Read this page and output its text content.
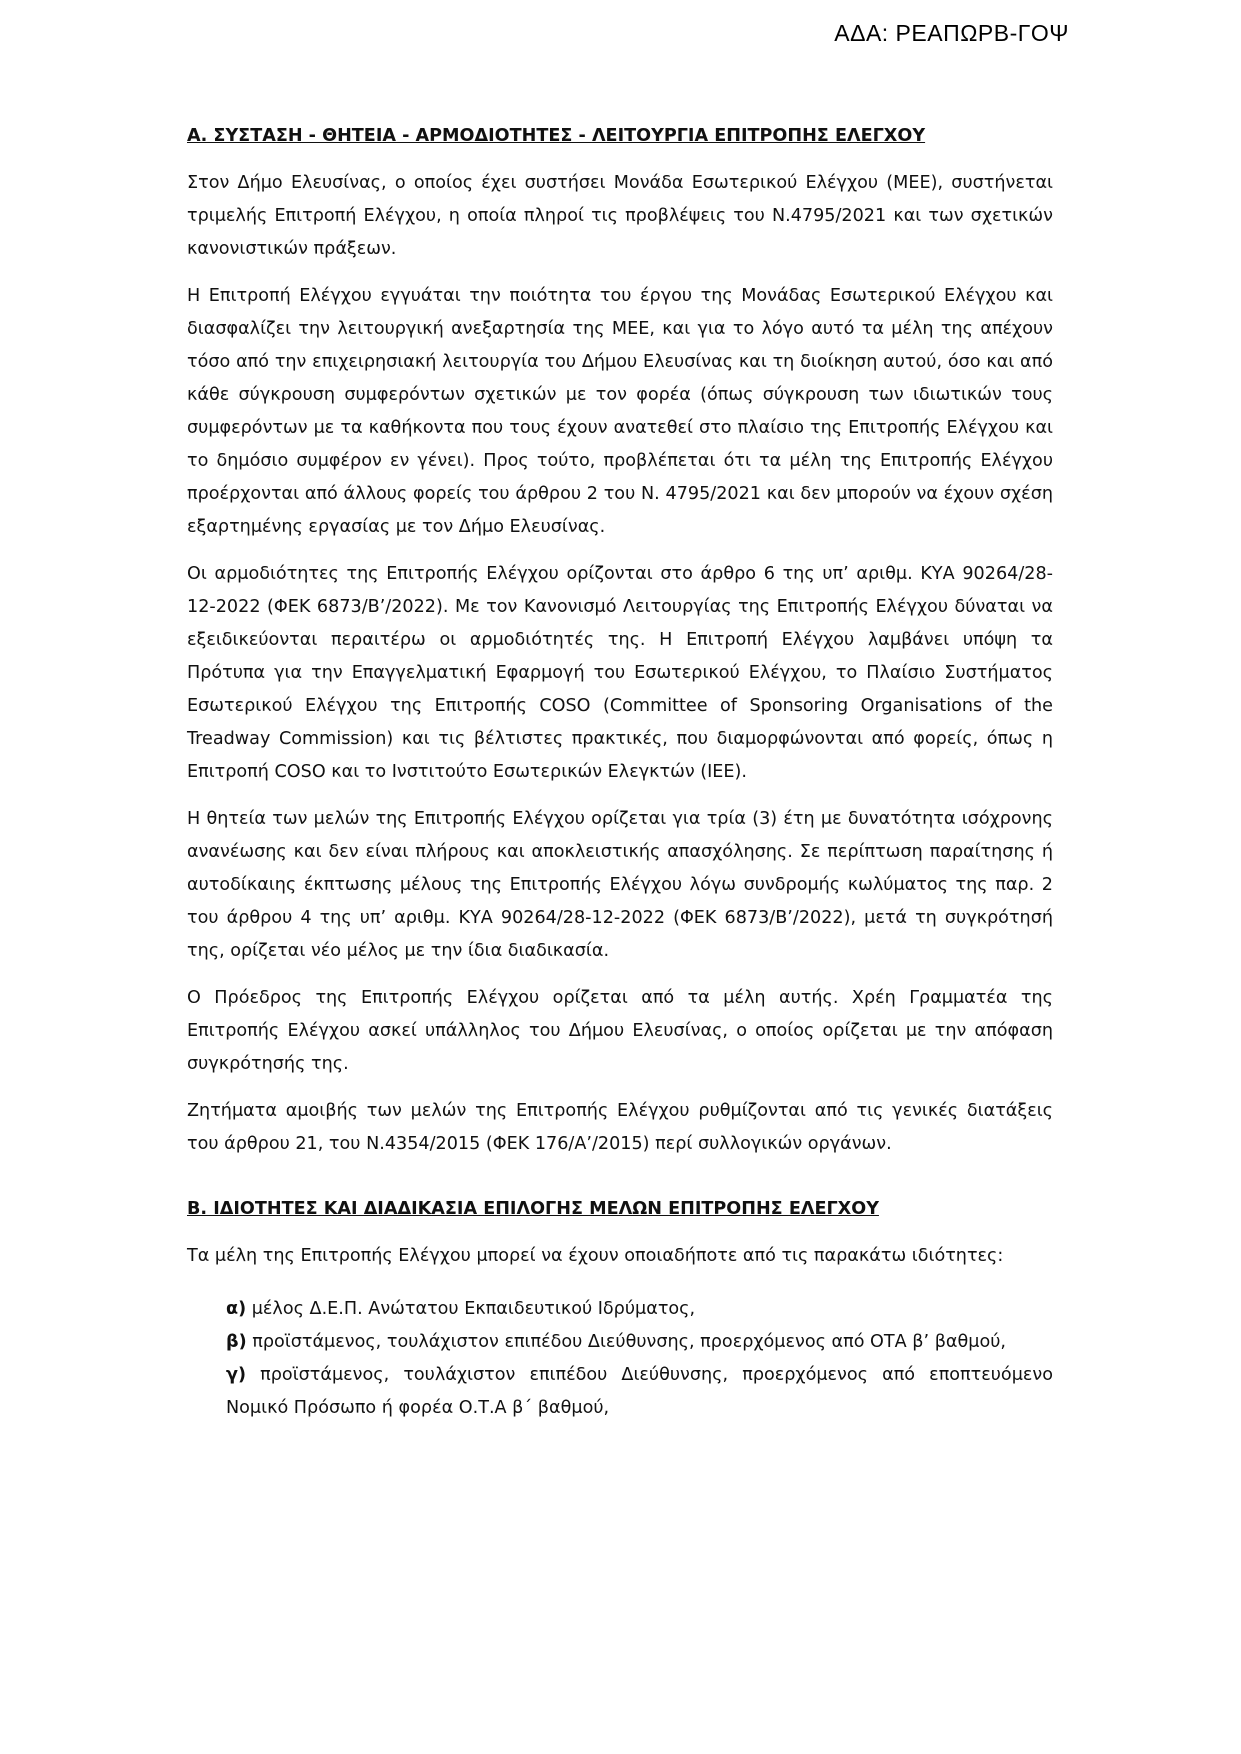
ΑΔΑ: ΡΕΑΠΩΡΒ-ΓΟΨ
Α. ΣΥΣΤΑΣΗ - ΘΗΤΕΙΑ - ΑΡΜΟΔΙΟΤΗΤΕΣ - ΛΕΙΤΟΥΡΓΙΑ ΕΠΙΤΡΟΠΗΣ ΕΛΕΓΧΟΥ

Στον Δήμο Ελευσίνας, ο οποίος έχει συστήσει Μονάδα Εσωτερικού Ελέγχου (ΜΕΕ), συστήνεται τριμελής Επιτροπή Ελέγχου, η οποία πληροί τις προβλέψεις του Ν.4795/2021 και των σχετικών κανονιστικών πράξεων.

Η Επιτροπή Ελέγχου εγγυάται την ποιότητα του έργου της Μονάδας Εσωτερικού Ελέγχου και διασφαλίζει την λειτουργική ανεξαρτησία της ΜΕΕ, και για το λόγο αυτό τα μέλη της απέχουν τόσο από την επιχειρησιακή λειτουργία του Δήμου Ελευσίνας και τη διοίκηση αυτού, όσο και από κάθε σύγκρουση συμφερόντων σχετικών με τον φορέα (όπως σύγκρουση των ιδιωτικών τους συμφερόντων με τα καθήκοντα που τους έχουν ανατεθεί στο πλαίσιο της Επιτροπής Ελέγχου και το δημόσιο συμφέρον εν γένει). Προς τούτο, προβλέπεται ότι τα μέλη της Επιτροπής Ελέγχου προέρχονται από άλλους φορείς του άρθρου 2 του Ν. 4795/2021 και δεν μπορούν να έχουν σχέση εξαρτημένης εργασίας με τον Δήμο Ελευσίνας.

Οι αρμοδιότητες της Επιτροπής Ελέγχου ορίζονται στο άρθρο 6 της υπ’ αριθμ. ΚΥΑ 90264/28-12-2022 (ΦΕΚ 6873/Β’/2022). Με τον Κανονισμό Λειτουργίας της Επιτροπής Ελέγχου δύναται να εξειδικεύονται περαιτέρω οι αρμοδιότητές της. Η Επιτροπή Ελέγχου λαμβάνει υπόψη τα Πρότυπα για την Επαγγελματική Εφαρμογή του Εσωτερικού Ελέγχου, το Πλαίσιο Συστήματος Εσωτερικού Ελέγχου της Επιτροπής COSO (Committee of Sponsoring Organisations of the Treadway Commission) και τις βέλτιστες πρακτικές, που διαμορφώνονται από φορείς, όπως η Επιτροπή COSO και το Ινστιτούτο Εσωτερικών Ελεγκτών (ΙΕΕ).

Η θητεία των μελών της Επιτροπής Ελέγχου ορίζεται για τρία (3) έτη με δυνατότητα ισόχρονης ανανέωσης και δεν είναι πλήρους και αποκλειστικής απασχόλησης. Σε περίπτωση παραίτησης ή αυτοδίκαιης έκπτωσης μέλους της Επιτροπής Ελέγχου λόγω συνδρομής κωλύματος της παρ. 2 του άρθρου 4 της υπ’ αριθμ. ΚΥΑ 90264/28-12-2022 (ΦΕΚ 6873/Β’/2022), μετά τη συγκρότησή της, ορίζεται νέο μέλος με την ίδια διαδικασία.

Ο Πρόεδρος της Επιτροπής Ελέγχου ορίζεται από τα μέλη αυτής. Χρέη Γραμματέα της Επιτροπής Ελέγχου ασκεί υπάλληλος του Δήμου Ελευσίνας, ο οποίος ορίζεται με την απόφαση συγκρότησής της.

Ζητήματα αμοιβής των μελών της Επιτροπής Ελέγχου ρυθμίζονται από τις γενικές διατάξεις του άρθρου 21, του Ν.4354/2015 (ΦΕΚ 176/Α’/2015) περί συλλογικών οργάνων.

Β. ΙΔΙΟΤΗΤΕΣ ΚΑΙ ΔΙΑΔΙΚΑΣΙΑ ΕΠΙΛΟΓΗΣ ΜΕΛΩΝ ΕΠΙΤΡΟΠΗΣ ΕΛΕΓΧΟΥ

Τα μέλη της Επιτροπής Ελέγχου μπορεί να έχουν οποιαδήποτε από τις παρακάτω ιδιότητες:

α) μέλος Δ.Ε.Π. Ανώτατου Εκπαιδευτικού Ιδρύματος,
β) προϊστάμενος, τουλάχιστον επιπέδου Διεύθυνσης, προερχόμενος από ΟΤΑ β’ βαθμού,
γ) προϊστάμενος, τουλάχιστον επιπέδου Διεύθυνσης, προερχόμενος από εποπτευόμενο Νομικό Πρόσωπο ή φορέα Ο.Τ.Α β΄ βαθμού,
